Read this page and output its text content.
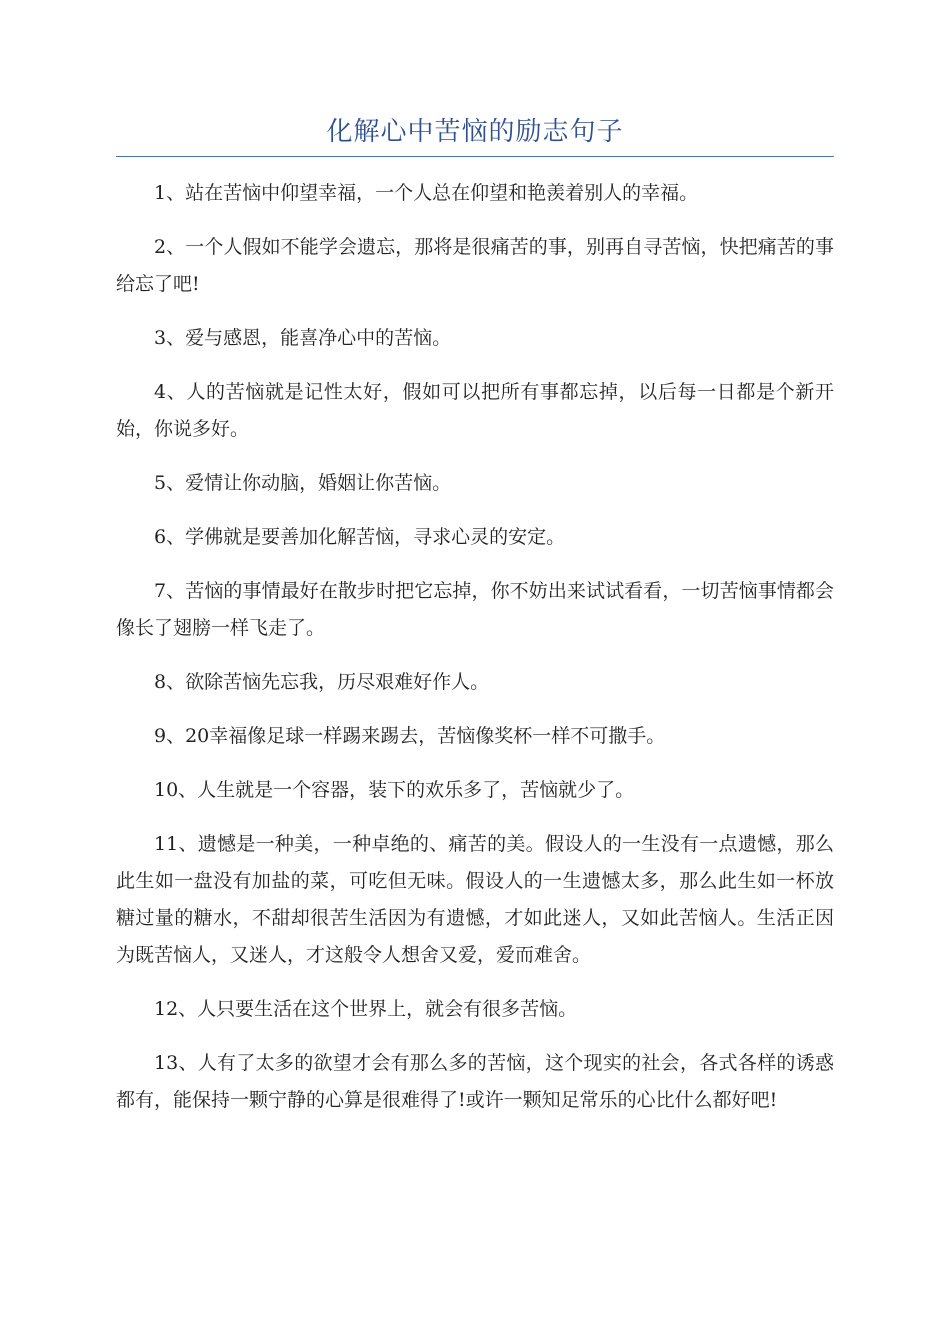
化解心中苦恼的励志句子

1、站在苦恼中仰望幸福，一个人总在仰望和艳羡着别人的幸福。

2、一个人假如不能学会遗忘，那将是很痛苦的事，别再自寻苦恼，快把痛苦的事给忘了吧!

3、爱与感恩，能喜净心中的苦恼。

4、人的苦恼就是记性太好，假如可以把所有事都忘掉，以后每一日都是个新开始，你说多好。

5、爱情让你动脑，婚姻让你苦恼。

6、学佛就是要善加化解苦恼，寻求心灵的安定。

7、苦恼的事情最好在散步时把它忘掉，你不妨出来试试看看，一切苦恼事情都会像长了翅膀一样飞走了。

8、欲除苦恼先忘我，历尽艰难好作人。

9、20幸福像足球一样踢来踢去，苦恼像奖杯一样不可撒手。

10、人生就是一个容器，装下的欢乐多了，苦恼就少了。

11、遗憾是一种美，一种卓绝的、痛苦的美。假设人的一生没有一点遗憾，那么此生如一盘没有加盐的菜，可吃但无味。假设人的一生遗憾太多，那么此生如一杯放糖过量的糖水，不甜却很苦生活因为有遗憾，才如此迷人，又如此苦恼人。生活正因为既苦恼人，又迷人，才这般令人想舍又爱，爱而难舍。

12、人只要生活在这个世界上，就会有很多苦恼。

13、人有了太多的欲望才会有那么多的苦恼，这个现实的社会，各式各样的诱惑都有，能保持一颗宁静的心算是很难得了!或许一颗知足常乐的心比什么都好吧!
